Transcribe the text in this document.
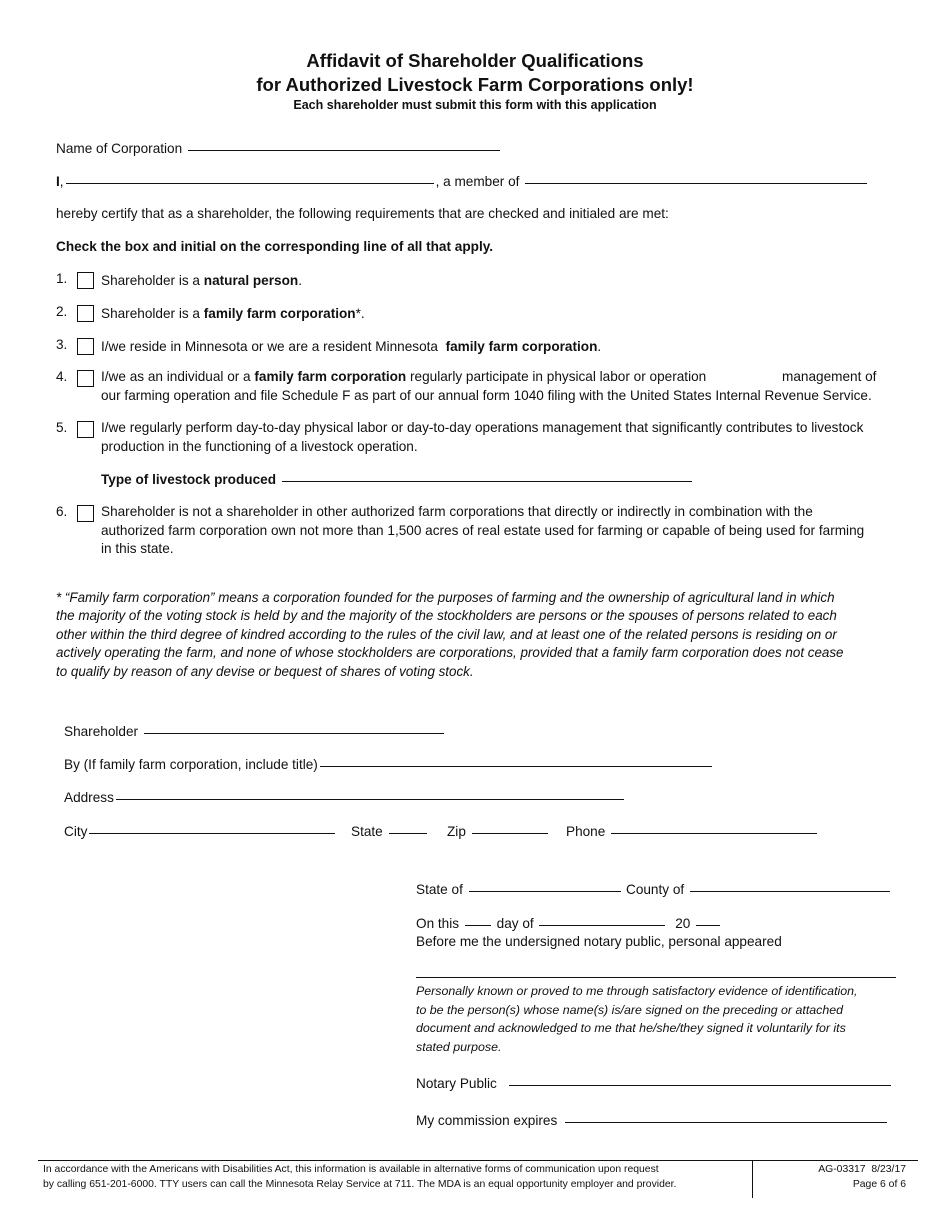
Affidavit of Shareholder Qualifications
for Authorized Livestock Farm Corporations only!
Each shareholder must submit this form with this application
Name of Corporation
I,	, a member of
hereby certify that as a shareholder, the following requirements that are checked and initialed are met:
Check the box and initial on the corresponding line of all that apply.
1.	Shareholder is a natural person.
2.	Shareholder is a family farm corporation*.
3.	I/we reside in Minnesota or we are a resident Minnesota  family farm corporation.
4.	I/we as an individual or a family farm corporation regularly participate in physical labor or operation	management of
our farming operation and file Schedule F as part of our annual form 1040 filing with the United States Internal Revenue Service.
5.	I/we regularly perform day-to-day physical labor or day-to-day operations management that significantly contributes to livestock
production in the functioning of a livestock operation.
Type of livestock produced
6.	Shareholder is not a shareholder in other authorized farm corporations that directly or indirectly in combination with the
authorized farm corporation own not more than 1,500 acres of real estate used for farming or capable of being used for farming
in this state.
* “Family farm corporation” means a corporation founded for the purposes of farming and the ownership of agricultural land in which
the majority of the voting stock is held by and the majority of the stockholders are persons or the spouses of persons related to each
other within the third degree of kindred according to the rules of the civil law, and at least one of the related persons is residing on or
actively operating the farm, and none of whose stockholders are corporations, provided that a family farm corporation does not cease
to qualify by reason of any devise or bequest of shares of voting stock.
Shareholder
By (If family farm corporation, include title)
Address
City	State	Zip	Phone
State of	County of
On this	day of	20
Before me the undersigned notary public, personal appeared
Personally known or proved to me through satisfactory evidence of identification,
to be the person(s) whose name(s) is/are signed on the preceding or attached
document and acknowledged to me that he/she/they signed it voluntarily for its
stated purpose.
Notary Public
My commission expires
In accordance with the Americans with Disabilities Act, this information is available in alternative forms of communication upon request
by calling 651-201-6000. TTY users can call the Minnesota Relay Service at 711. The MDA is an equal opportunity employer and provider.
AG-03317  8/23/17
Page 6 of 6
